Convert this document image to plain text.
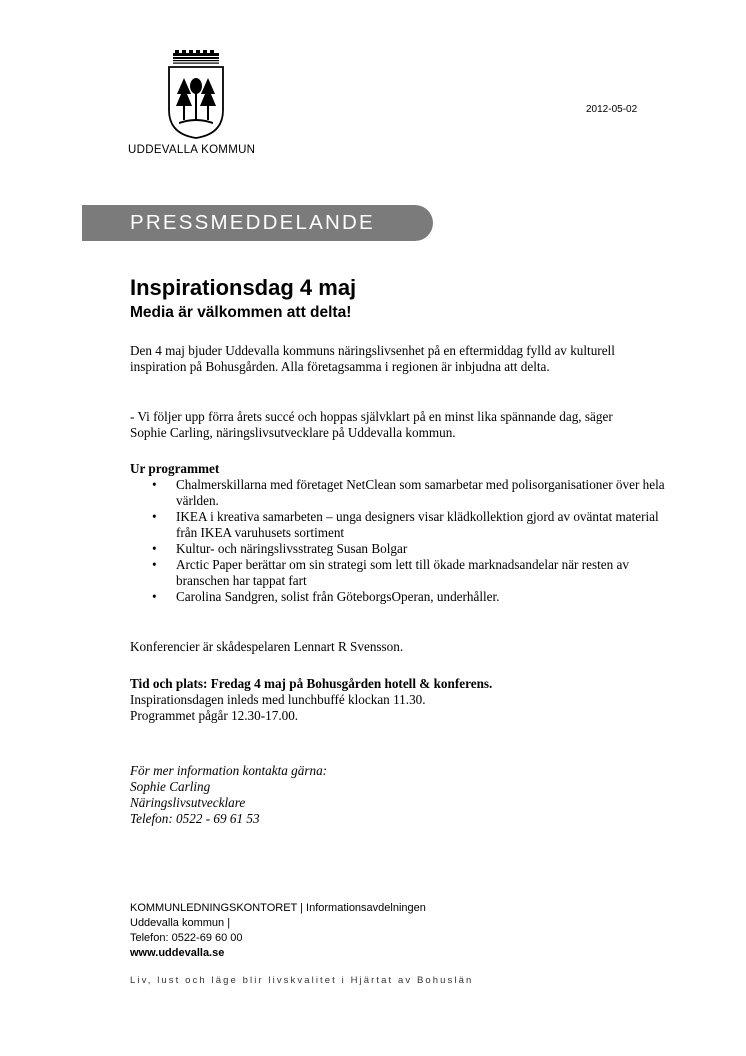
UDDEVALLA KOMMUN
2012-05-02
PRESSMEDDELANDE
Inspirationsdag 4 maj
Media är välkommen att delta!

Den 4 maj bjuder Uddevalla kommuns näringslivsenhet på en eftermiddag fylld av kulturell inspiration på Bohusgården. Alla företagsamma i regionen är inbjudna att delta.

- Vi följer upp förra årets succé och hoppas självklart på en minst lika spännande dag, säger Sophie Carling, näringslivsutvecklare på Uddevalla kommun.

Ur programmet
• Chalmerskillarna med företaget NetClean som samarbetar med polisorganisationer över hela världen.
• IKEA i kreativa samarbeten – unga designers visar klädkollektion gjord av oväntat material från IKEA varuhusets sortiment
• Kultur- och näringslivsstrateg Susan Bolgar
• Arctic Paper berättar om sin strategi som lett till ökade marknadsandelar när resten av branschen har tappat fart
• Carolina Sandgren, solist från GöteborgsOperan, underhåller.

Konferencier är skådespelaren Lennart R Svensson.

Tid och plats: Fredag 4 maj på Bohusgården hotell & konferens.
Inspirationsdagen inleds med lunchbuffé klockan 11.30.
Programmet pågår 12.30-17.00.
För mer information kontakta gärna:
Sophie Carling
Näringslivsutvecklare
Telefon: 0522 - 69 61 53
KOMMUNLEDNINGSKONTORET | Informationsavdelningen
Uddevalla kommun |
Telefon: 0522-69 60 00
www.uddevalla.se
Liv, lust och läge blir livskvalitet i Hjärtat av Bohuslän
